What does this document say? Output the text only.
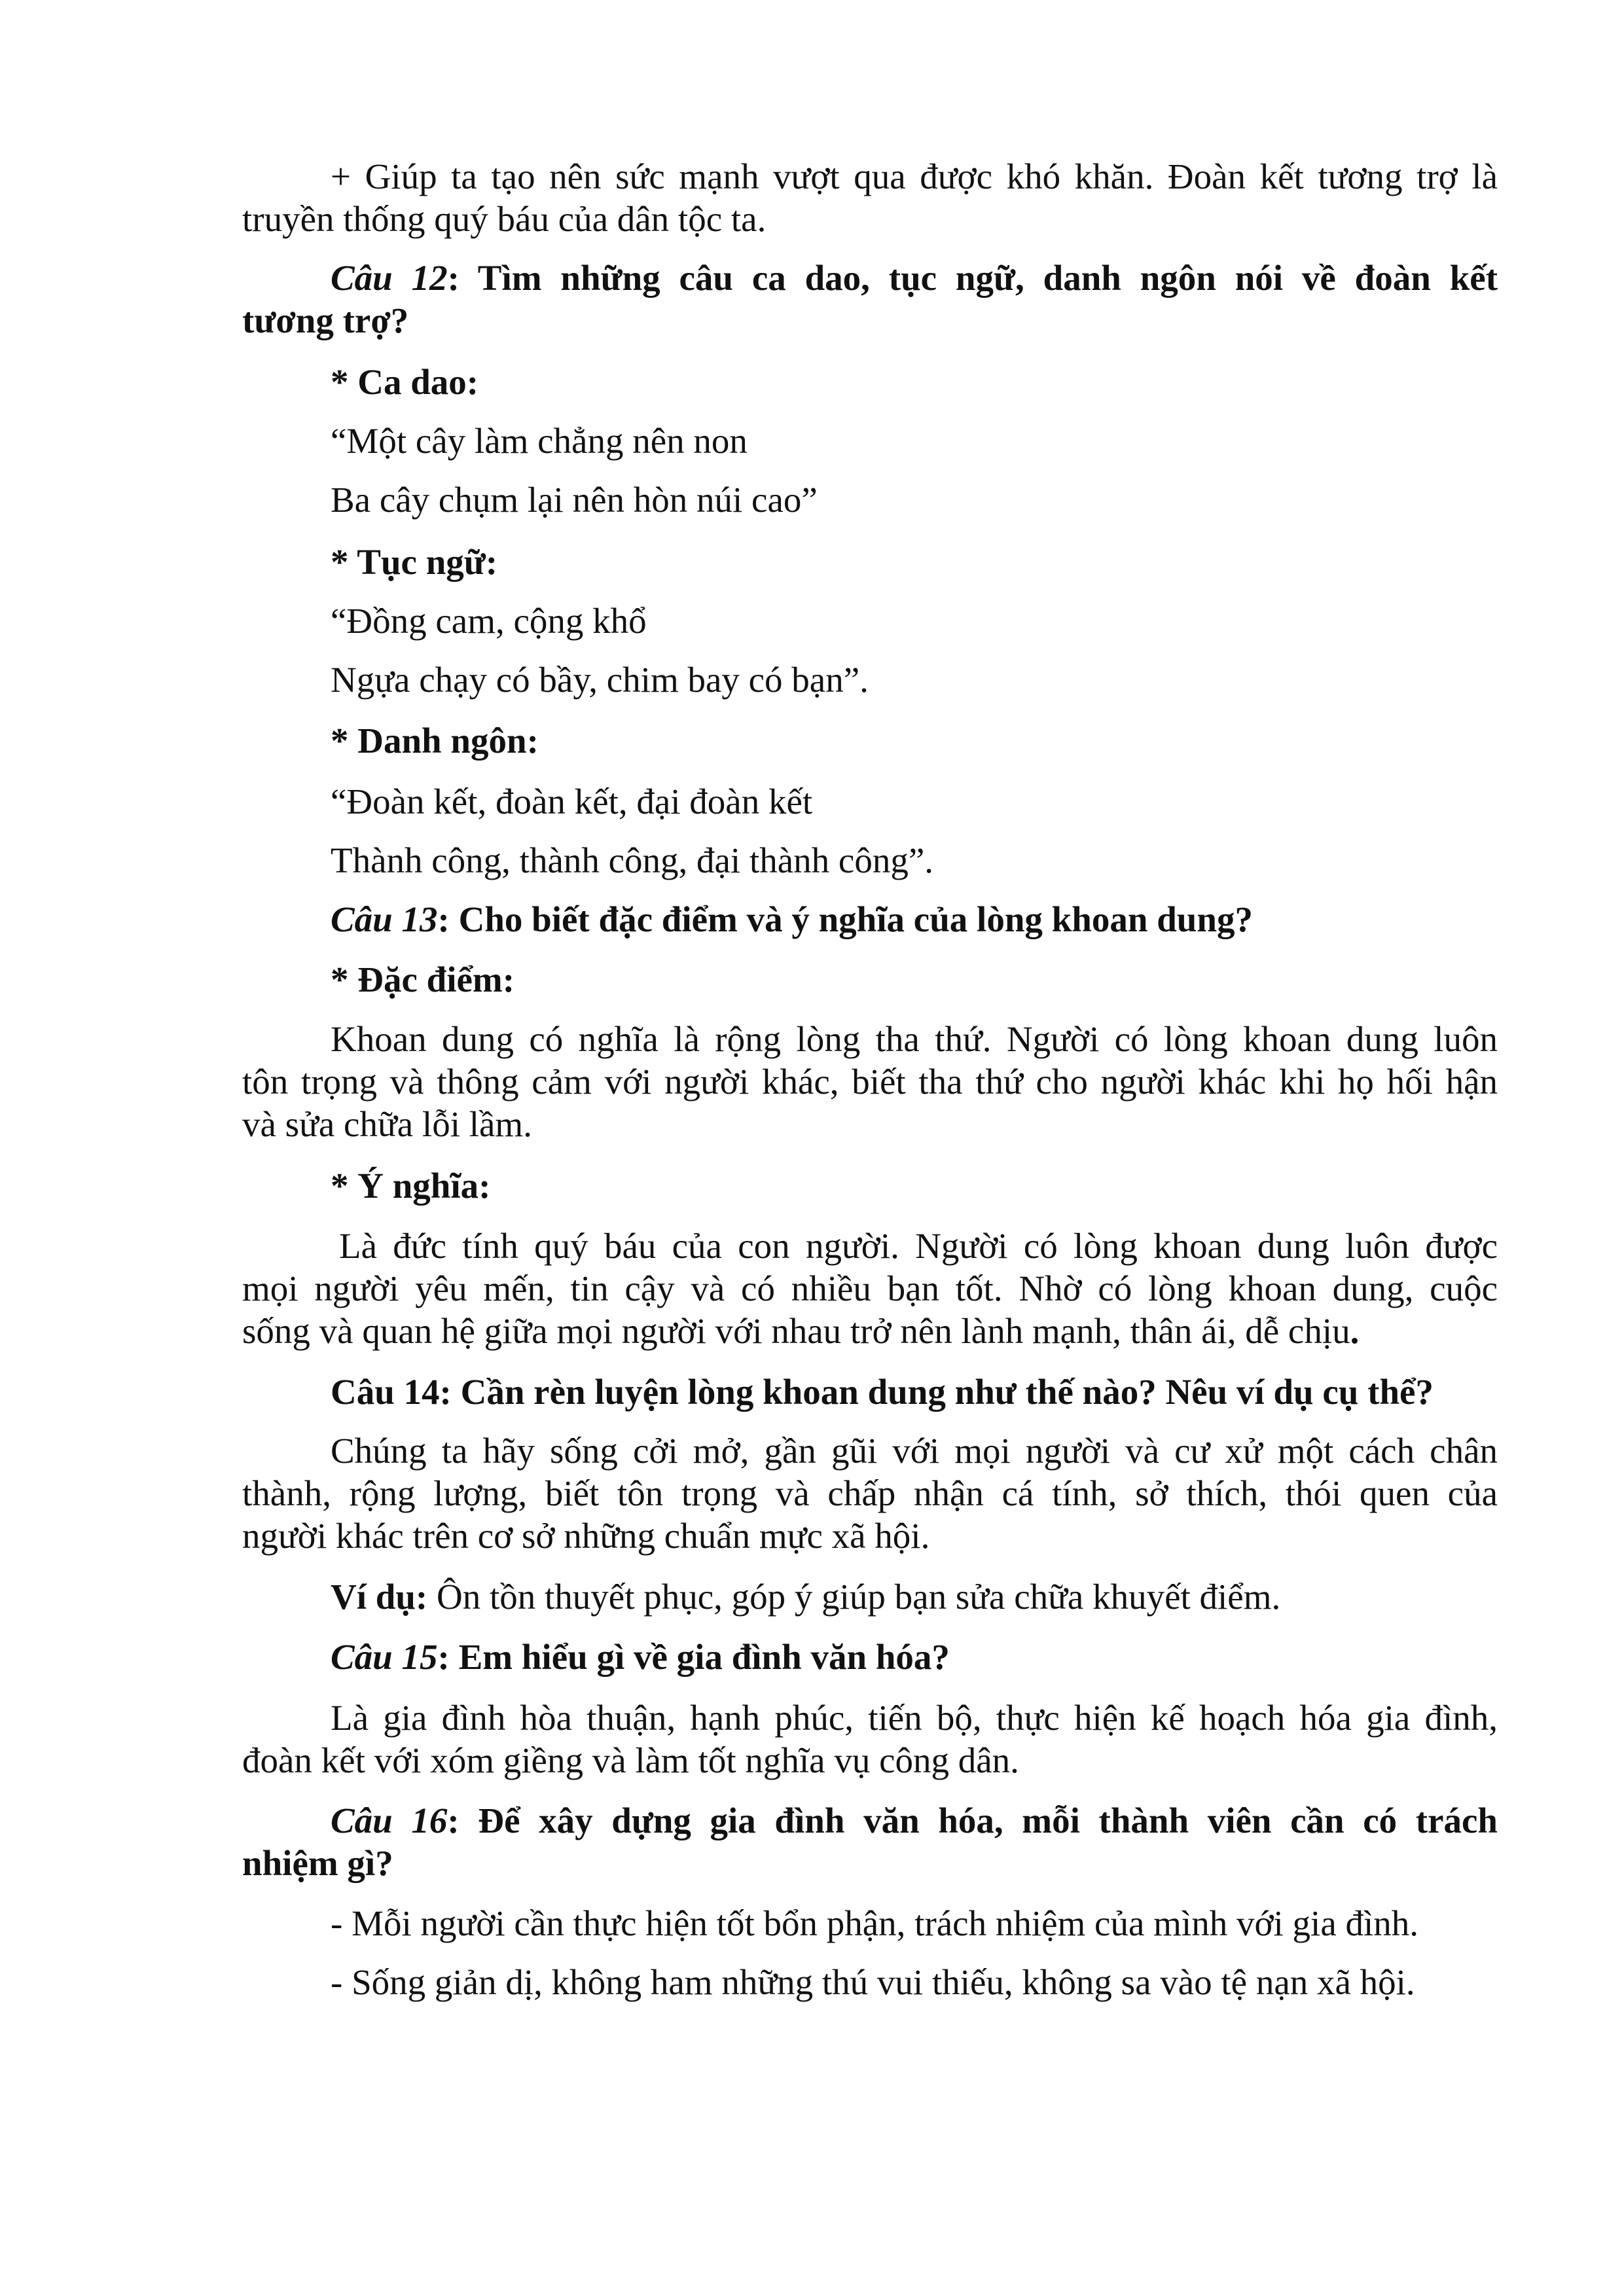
+ Giúp ta tạo nên sức mạnh vượt qua được khó khăn. Đoàn kết tương trợ là

truyền thống quý báu của dân tộc ta.

Câu 12: Tìm những câu ca dao, tục ngữ, danh ngôn nói về đoàn kết

tương trợ?

* Ca dao:

“Một cây làm chẳng nên non

Ba cây chụm lại nên hòn núi cao”

* Tục ngữ:

“Đồng cam, cộng khổ

Ngựa chạy có bầy, chim bay có bạn”.

* Danh ngôn:

“Đoàn kết, đoàn kết, đại đoàn kết

Thành công, thành công, đại thành công”.

Câu 13: Cho biết đặc điểm và ý nghĩa của lòng khoan dung?

* Đặc điểm:

Khoan dung có nghĩa là rộng lòng tha thứ. Người có lòng khoan dung luôn

tôn trọng và thông cảm với người khác, biết tha thứ cho người khác khi họ hối hận

và sửa chữa lỗi lầm.

* Ý nghĩa:

Là đức tính quý báu của con người. Người có lòng khoan dung luôn được

mọi người yêu mến, tin cậy và có nhiều bạn tốt. Nhờ có lòng khoan dung, cuộc

sống và quan hệ giữa mọi người với nhau trở nên lành mạnh, thân ái, dễ chịu.

Câu 14: Cần rèn luyện lòng khoan dung như thế nào? Nêu ví dụ cụ thể?

Chúng ta hãy sống cởi mở, gần gũi với mọi người và cư xử một cách chân

thành, rộng lượng, biết tôn trọng và chấp nhận cá tính, sở thích, thói quen của

người khác trên cơ sở những chuẩn mực xã hội.

Ví dụ: Ôn tồn thuyết phục, góp ý giúp bạn sửa chữa khuyết điểm.

Câu 15: Em hiểu gì về gia đình văn hóa?

Là gia đình hòa thuận, hạnh phúc, tiến bộ, thực hiện kế hoạch hóa gia đình,

đoàn kết với xóm giềng và làm tốt nghĩa vụ công dân.

Câu 16: Để xây dựng gia đình văn hóa, mỗi thành viên cần có trách

nhiệm gì?

- Mỗi người cần thực hiện tốt bổn phận, trách nhiệm của mình với gia đình.

- Sống giản dị, không ham những thú vui thiếu, không sa vào tệ nạn xã hội.
